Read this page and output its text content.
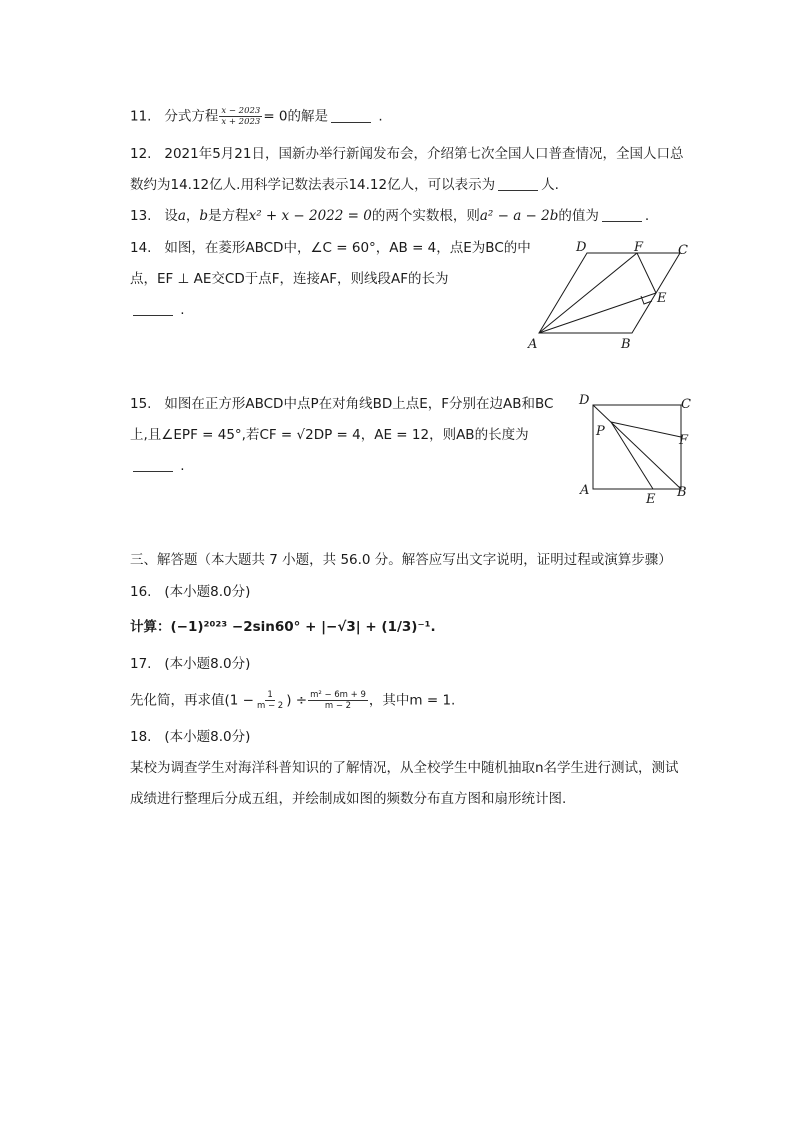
11. 分式方程 $\frac{x - 2023}{x + 2023} = 0$的解是	.
12. 2021年5月21日，国新办举行新闻发布会，介绍第七次全国人口普查情况，全国人口总
数约为14.12亿人.用科学记数法表示14.12亿人，可以表示为	人.
13. 设a，b是方程x² + x − 2022 = 0的两个实数根，则a² − a − 2b的值为	.
14. 如图，在菱形ABCD中，∠C = 60°，AB = 4，点E为BC的中
点，EF ⊥ AE交CD于点F，连接AF，则线段AF的长为
.
D	F	C
E
A	B
15. 如图在正方形ABCD中点P在对角线BD上点E，F分别在边AB和BC
上,且∠EPF = 45°,若CF = √2DP = 4，AE = 12，则AB的长度为
.
D	C
P
F
A
E B
三、解答题（本大题共 7 小题，共 56.0 分。解答应写出文字说明，证明过程或演算步骤）
16. (本小题8.0分)
计算：(−1)²⁰²³ −2sin60° + |−√3| + (1/3)⁻¹.
17. (本小题8.0分)
先化简，再求值($1 - \frac{1}{m - 2}$ ) ÷ $\frac{\text{m² − 6m + 9}}{m - 2}$ ，其中m = 1.
18. (本小题8.0分)
某校为调查学生对海洋科普知识的了解情况，从全校学生中随机抽取n名学生进行测试，测试
成绩进行整理后分成五组，并绘制成如图的频数分布直方图和扇形统计图.
